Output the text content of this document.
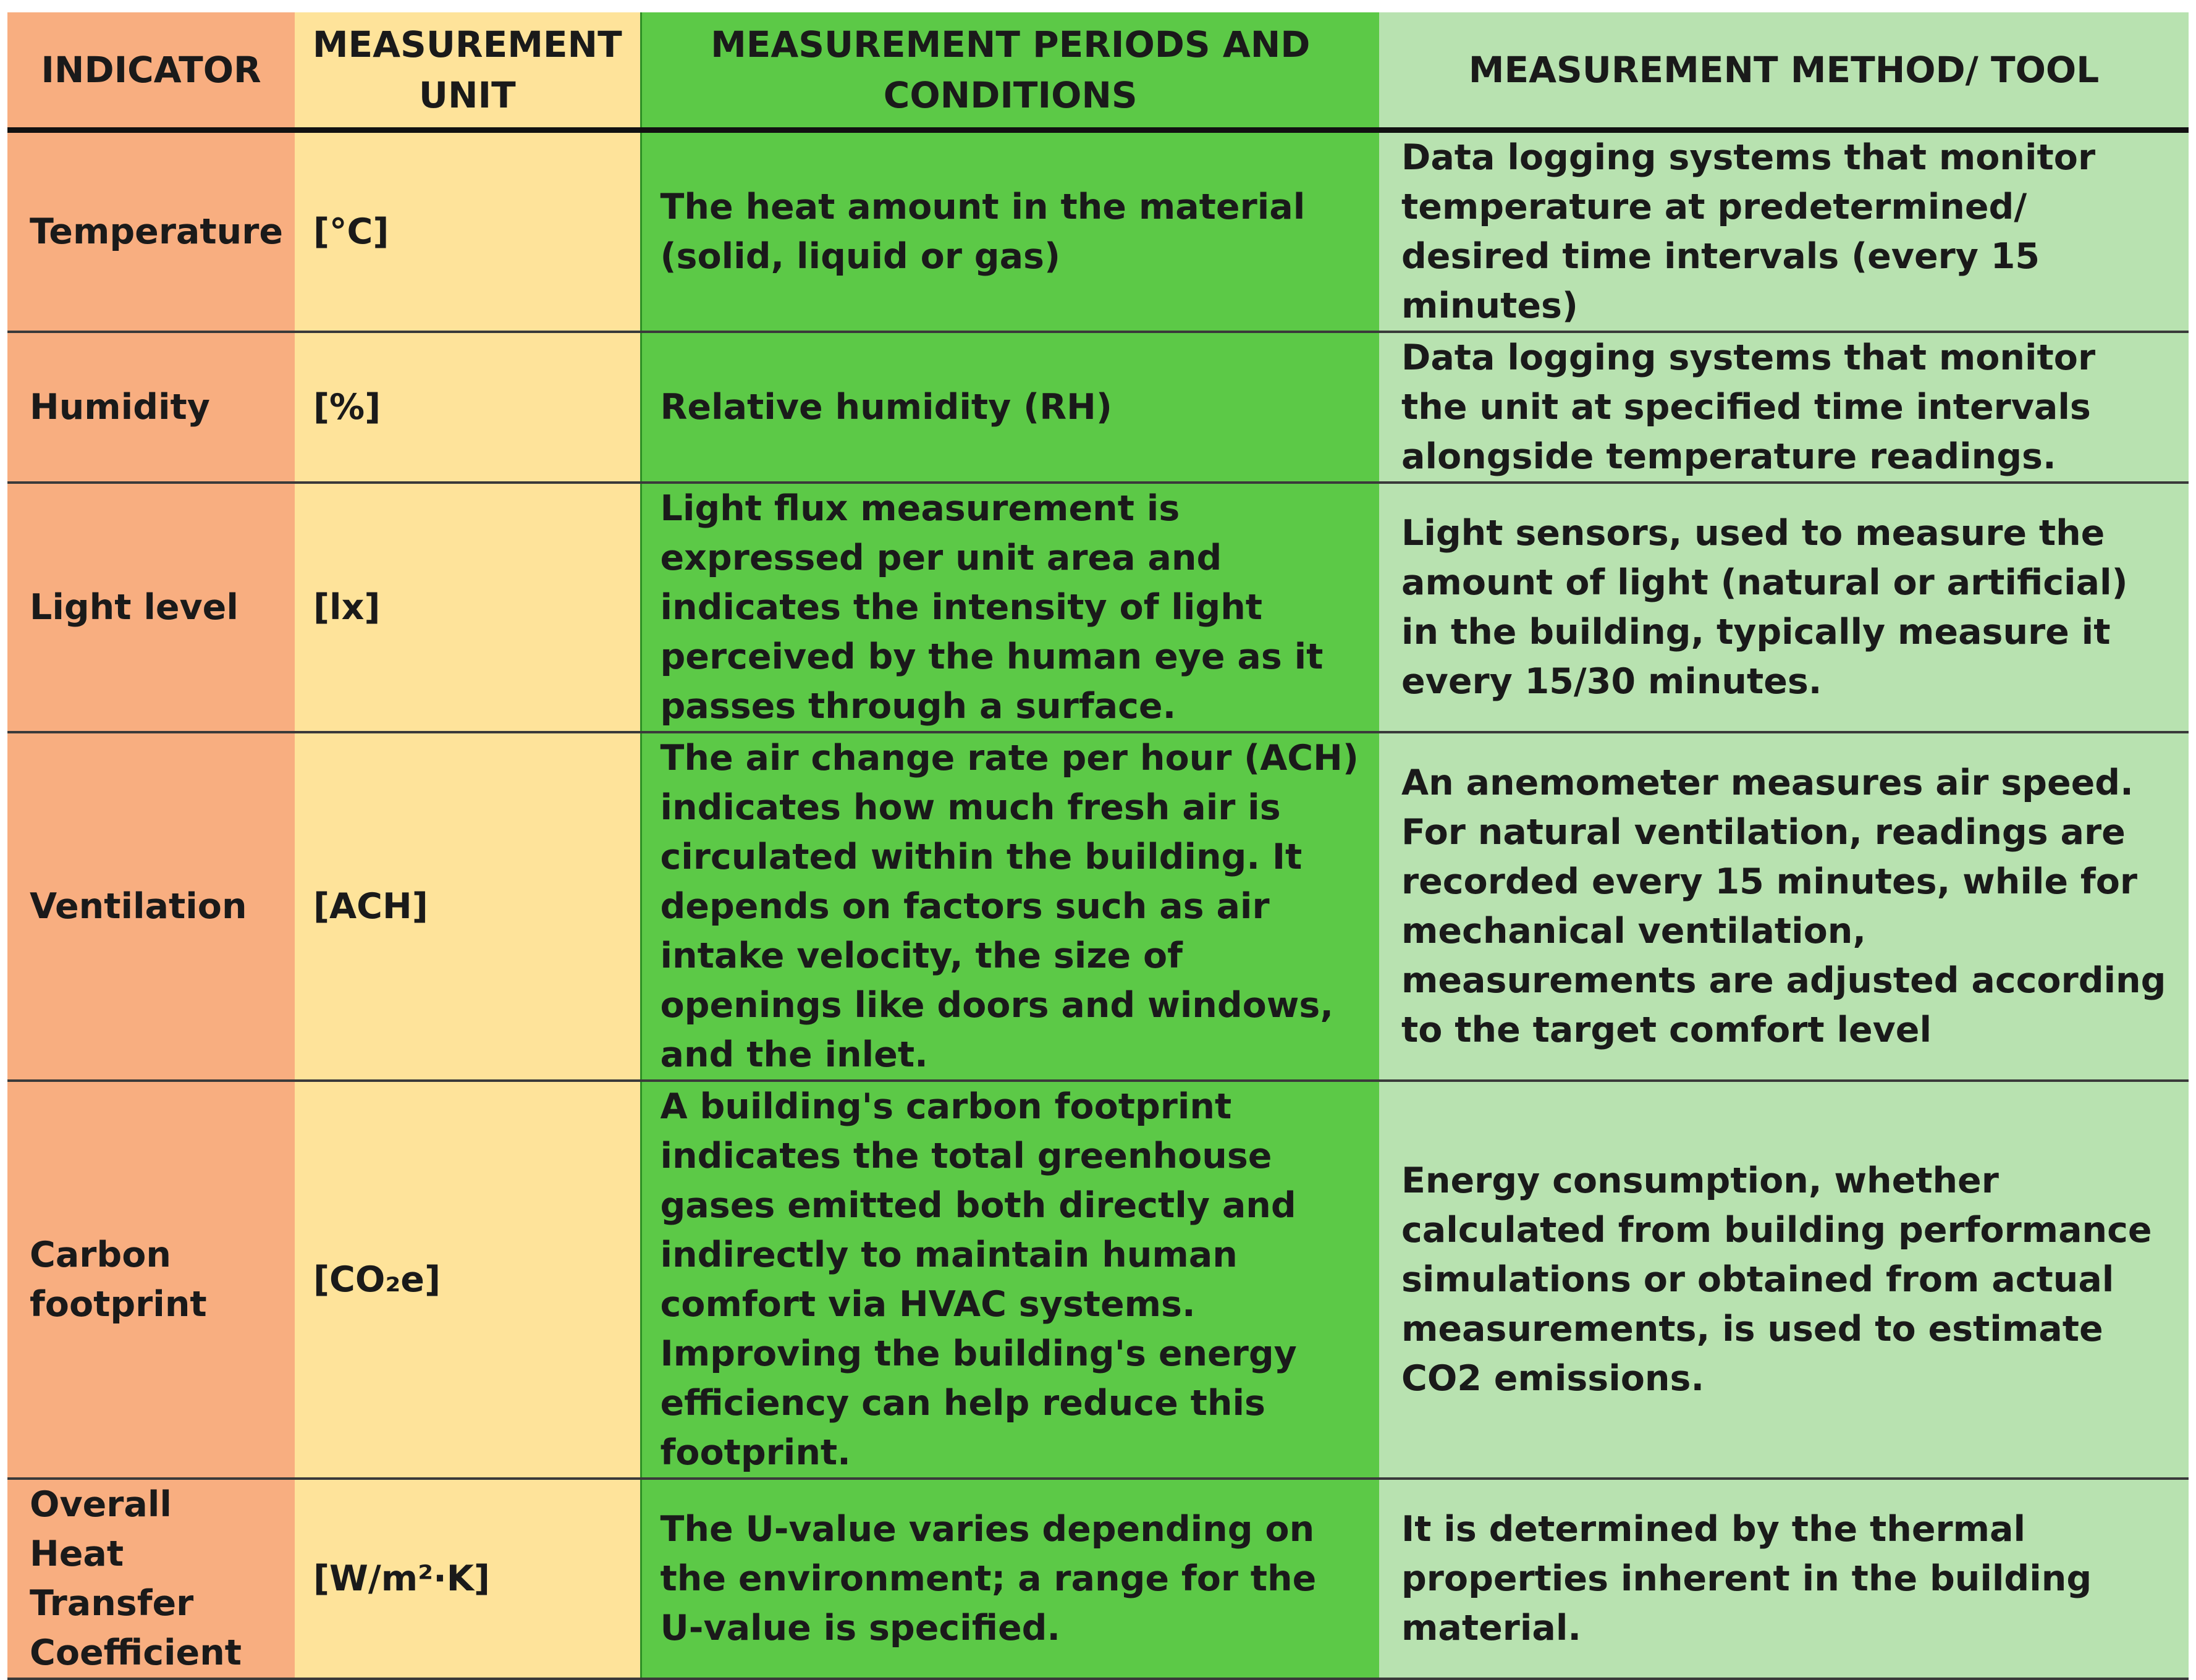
INDICATOR	MEASUREMENT UNIT	MEASUREMENT PERIODS AND CONDITIONS	MEASUREMENT METHOD/ TOOL
Temperature	[°C]	The heat amount in the material (solid, liquid or gas)	Data logging systems that monitor temperature at predetermined/ desired time intervals (every 15 minutes)
Humidity	[%]	Relative humidity (RH)	Data logging systems that monitor the unit at specified time intervals alongside temperature readings.
Light level	[lx]	Light flux measurement is expressed per unit area and indicates the intensity of light perceived by the human eye as it passes through a surface.	Light sensors, used to measure the amount of light (natural or artificial) in the building, typically measure it every 15/30 minutes.
Ventilation	[ACH]	The air change rate per hour (ACH) indicates how much fresh air is circulated within the building. It depends on factors such as air intake velocity, the size of openings like doors and windows, and the inlet.	An anemometer measures air speed. For natural ventilation, readings are recorded every 15 minutes, while for mechanical ventilation, measurements are adjusted according to the target comfort level
Carbon footprint	[CO₂e]	A building's carbon footprint indicates the total greenhouse gases emitted both directly and indirectly to maintain human comfort via HVAC systems. Improving the building's energy efficiency can help reduce this footprint.	Energy consumption, whether calculated from building performance simulations or obtained from actual measurements, is used to estimate CO2 emissions.
Overall Heat Transfer Coefficient	[W/m²·K]	The U-value varies depending on the environment; a range for the U-value is specified.	It is determined by the thermal properties inherent in the building material.
